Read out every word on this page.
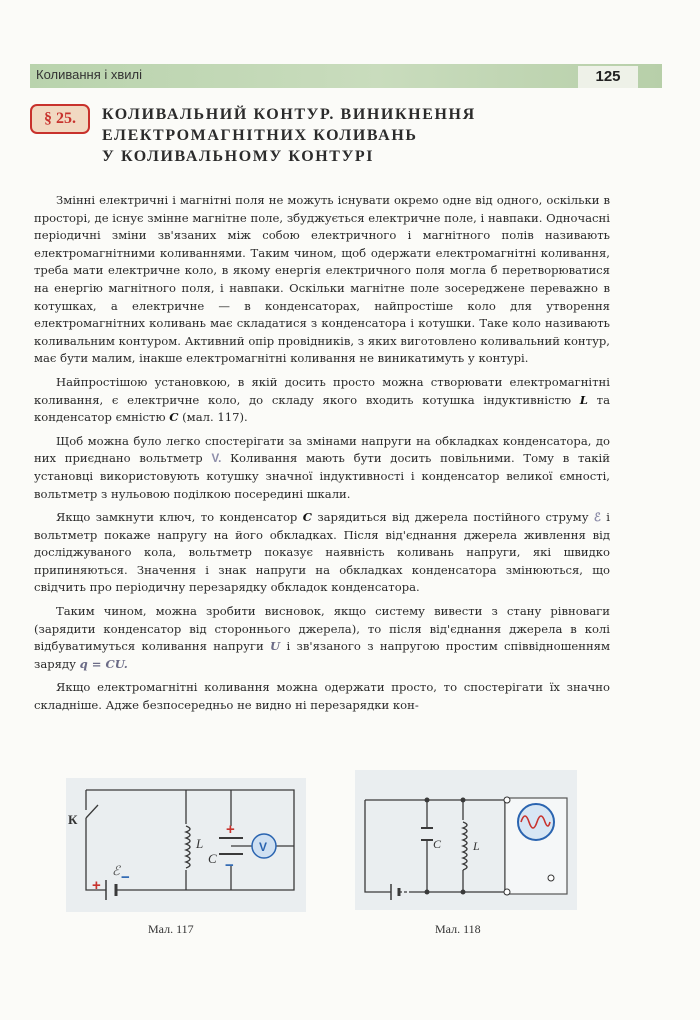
Коливання і хвилі	125
§ 25.	КОЛИВАЛЬНИЙ КОНТУР. ВИНИКНЕННЯ
ЕЛЕКТРОМАГНІТНИХ КОЛИВАНЬ
У КОЛИВАЛЬНОМУ КОНТУРІ

Змінні електричні і магнітні поля не можуть існувати окремо одне від одного, оскільки в просторі, де існує змінне магнітне поле, збуджується електричне поле, і навпаки. Одночасні періодичні зміни зв'язаних між собою електричного і магнітного полів називають електромагнітними коливаннями. Таким чином, щоб одержати електромагнітні коливання, треба мати електричне коло, в якому енергія електричного поля могла б перетворюватися на енергію магнітного поля, і навпаки. Оскільки магнітне поле зосереджене переважно в котушках, а електричне — в конденсаторах, найпростіше коло для утворення електромагнітних коливань має складатися з конденсатора і котушки. Таке коло називають коливальним контуром. Активний опір провідників, з яких виготовлено коливальний контур, має бути малим, інакше електромагнітні коливання не виникатимуть у контурі.

Найпростішою установкою, в якій досить просто можна створювати електромагнітні коливання, є електричне коло, до складу якого входить котушка індуктивністю L та конденсатор ємністю C (мал. 117).

Щоб можна було легко спостерігати за змінами напруги на обкладках конденсатора, до них приєднано вольтметр V. Коливання мають бути досить повільними. Тому в такій установці використовують котушку значної індуктивності і конденсатор великої ємності, вольтметр з нульовою поділкою посередині шкали.

Якщо замкнути ключ, то конденсатор C зарядиться від джерела постійного струму ℰ і вольтметр покаже напругу на його обкладках. Після від'єднання джерела живлення від досліджуваного кола, вольтметр показує наявність коливань напруги, які швидко припиняються. Значення і знак напруги на обкладках конденсатора змінюються, що свідчить про періодичну перезарядку обкладок конденсатора.

Таким чином, можна зробити висновок, якщо систему вивести з стану рівноваги (зарядити конденсатор від стороннього джерела), то після від'єднання джерела в колі відбуватимуться коливання напруги U і зв'язаного з напругою простим співвідношенням заряду q = CU.

Якщо електромагнітні коливання можна одержати просто, то спостерігати їх значно складніше. Адже безпосередньо не видно ні перезарядки кон-

К
L
+
−
C
V
+ −
ℰ
Мал. 117
C	L
Мал. 118
